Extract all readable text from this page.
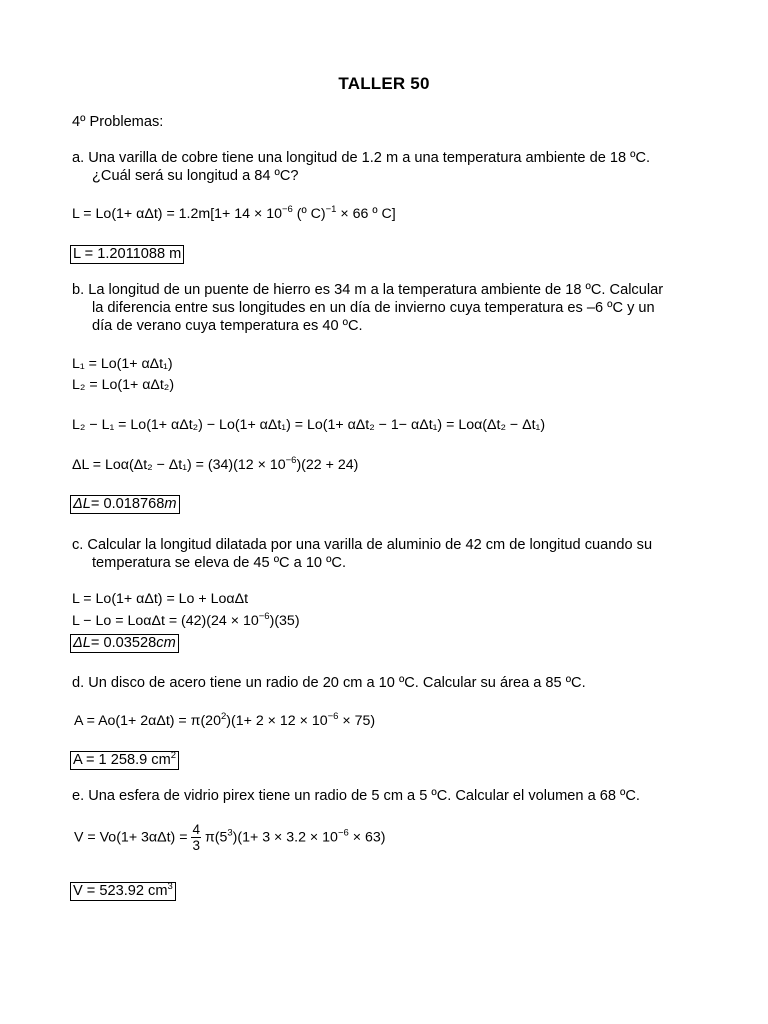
TALLER 50
4º Problemas:
a. Una varilla de cobre tiene una longitud de 1.2 m a una temperatura ambiente de 18 ºC.
¿Cuál será su longitud a 84 ºC?
$L = Lo(1+ \alpha\Delta t) = 1.2m[1+ 14 \times 10^{-6}$ (º C)$^{-1}$ × 66 º C]
L = 1.2011088 m
b. La longitud de un puente de hierro es 34 m a la temperatura ambiente de 18 ºC. Calcular
la diferencia entre sus longitudes en un día de invierno cuya temperatura es –6 ºC y un
día de verano cuya temperatura es 40 ºC.
L₁ = Lo(1+ αΔt₁)
L₂ = Lo(1+ αΔt₂)
L₂ − L₁ = Lo(1+ αΔt₂) − Lo(1+ αΔt₁) = Lo(1+ αΔt₂ − 1− αΔt₁) = Loα(Δt₂ − Δt₁)
$\Delta L = Lo\alpha(\Delta t_2 - \Delta t_1) = (34)(12 \times 10^{-6})(22 + 24)$
ΔL= 0.018768m
c. Calcular la longitud dilatada por una varilla de aluminio de 42 cm de longitud cuando su
temperatura se eleva de 45 ºC a 10 ºC.
L = Lo(1+ αΔt) = Lo + LoαΔt
$L - Lo = Lo\alpha\Delta t = (42)(24 \times 10^{-6})(35)$
ΔL= 0.03528cm
d. Un disco de acero tiene un radio de 20 cm a 10 ºC. Calcular su área a 85 ºC.
$A = Ao(1+ 2\alpha\Delta t) = \pi(20^2)(1+ 2 \times 12 \times 10^{-6} \times 75)$
A = 1 258.9 $cm^2$
e. Una esfera de vidrio pirex tiene un radio de 5 cm a 5 ºC. Calcular el volumen a 68 ºC.
$V = Vo(1+ 3\alpha\Delta t) = \frac{4}{3} \pi(5^3)(1+ 3 \times 3.2 \times 10^{-6} \times 63)$
V = 523.92 $cm^3$
